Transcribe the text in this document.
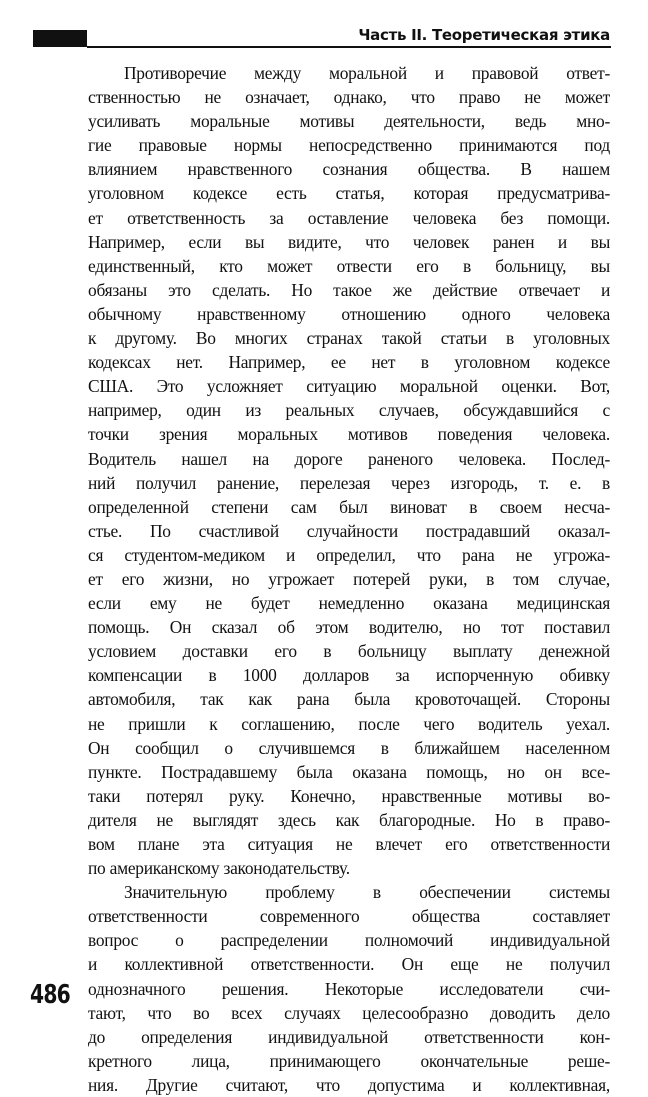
Часть II. Теоретическая этика
Противоречие между моральной и правовой ответ-
ственностью не означает, однако, что право не может
усиливать моральные мотивы деятельности, ведь мно-
гие правовые нормы непосредственно принимаются под
влиянием нравственного сознания общества. В нашем
уголовном кодексе есть статья, которая предусматрива-
ет ответственность за оставление человека без помощи.
Например, если вы видите, что человек ранен и вы
единственный, кто может отвести его в больницу, вы
обязаны это сделать. Но такое же действие отвечает и
обычному нравственному отношению одного человека
к другому. Во многих странах такой статьи в уголовных
кодексах нет. Например, ее нет в уголовном кодексе
США. Это усложняет ситуацию моральной оценки. Вот,
например, один из реальных случаев, обсуждавшийся с
точки зрения моральных мотивов поведения человека.
Водитель нашел на дороге раненого человека. Послед-
ний получил ранение, перелезая через изгородь, т. е. в
определенной степени сам был виноват в своем несча-
стье. По счастливой случайности пострадавший оказал-
ся студентом-медиком и определил, что рана не угрожа-
ет его жизни, но угрожает потерей руки, в том случае,
если ему не будет немедленно оказана медицинская
помощь. Он сказал об этом водителю, но тот поставил
условием доставки его в больницу выплату денежной
компенсации в 1000 долларов за испорченную обивку
автомобиля, так как рана была кровоточащей. Стороны
не пришли к соглашению, после чего водитель уехал.
Он сообщил о случившемся в ближайшем населенном
пункте. Пострадавшему была оказана помощь, но он все-
таки потерял руку. Конечно, нравственные мотивы во-
дителя не выглядят здесь как благородные. Но в право-
вом плане эта ситуация не влечет его ответственности
по американскому законодательству.
Значительную проблему в обеспечении системы
ответственности современного общества составляет
вопрос о распределении полномочий индивидуальной
и коллективной ответственности. Он еще не получил
однозначного решения. Некоторые исследователи счи-
тают, что во всех случаях целесообразно доводить дело
до определения индивидуальной ответственности кон-
кретного лица, принимающего окончательные реше-
ния. Другие считают, что допустима и коллективная,
486
